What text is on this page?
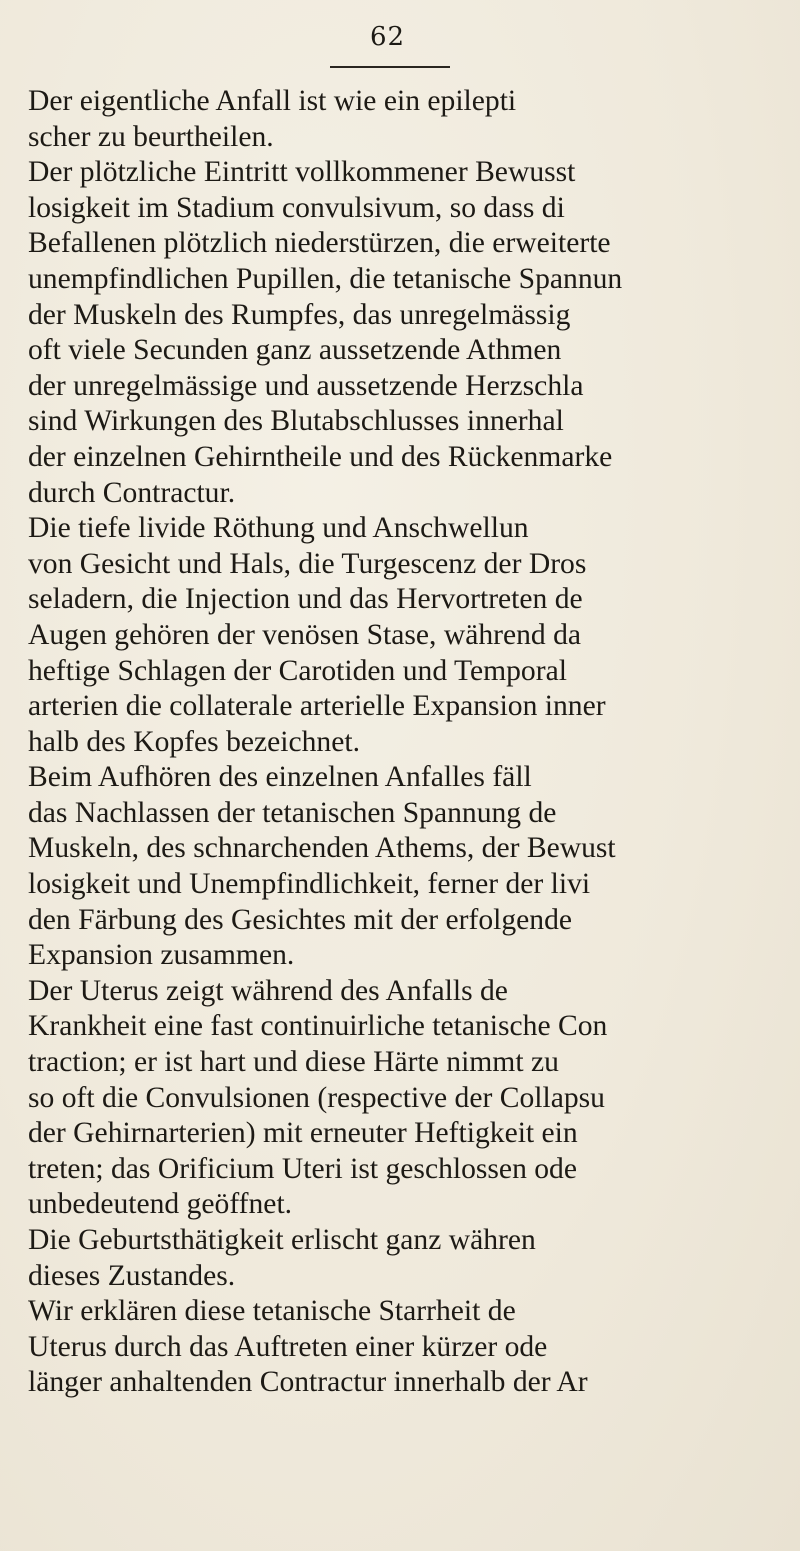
62
Der eigentliche Anfall ist wie ein epilepti
scher zu beurtheilen.
Der plötzliche Eintritt vollkommener Bewusst
losigkeit im Stadium convulsivum, so dass di
Befallenen plötzlich niederstürzen, die erweiterte
unempfindlichen Pupillen, die tetanische Spannun
der Muskeln des Rumpfes, das unregelmässig
oft viele Secunden ganz aussetzende Athmen
der unregelmässige und aussetzende Herzschla
sind Wirkungen des Blutabschlusses innerhal
der einzelnen Gehirntheile und des Rückenmarke
durch Contractur.
Die tiefe livide Röthung und Anschwellun
von Gesicht und Hals, die Turgescenz der Dros
seladern, die Injection und das Hervortreten de
Augen gehören der venösen Stase, während da
heftige Schlagen der Carotiden und Temporal
arterien die collaterale arterielle Expansion inner
halb des Kopfes bezeichnet.
Beim Aufhören des einzelnen Anfalles fäll
das Nachlassen der tetanischen Spannung de
Muskeln, des schnarchenden Athems, der Bewust
losigkeit und Unempfindlichkeit, ferner der livi
den Färbung des Gesichtes mit der erfolgende
Expansion zusammen.
Der Uterus zeigt während des Anfalls de
Krankheit eine fast continuirliche tetanische Con
traction; er ist hart und diese Härte nimmt zu
so oft die Convulsionen (respective der Collapsu
der Gehirnarterien) mit erneuter Heftigkeit ein
treten; das Orificium Uteri ist geschlossen ode
unbedeutend geöffnet.
Die Geburtsthätigkeit erlischt ganz währen
dieses Zustandes.
Wir erklären diese tetanische Starrheit de
Uterus durch das Auftreten einer kürzer ode
länger anhaltenden Contractur innerhalb der Ar
